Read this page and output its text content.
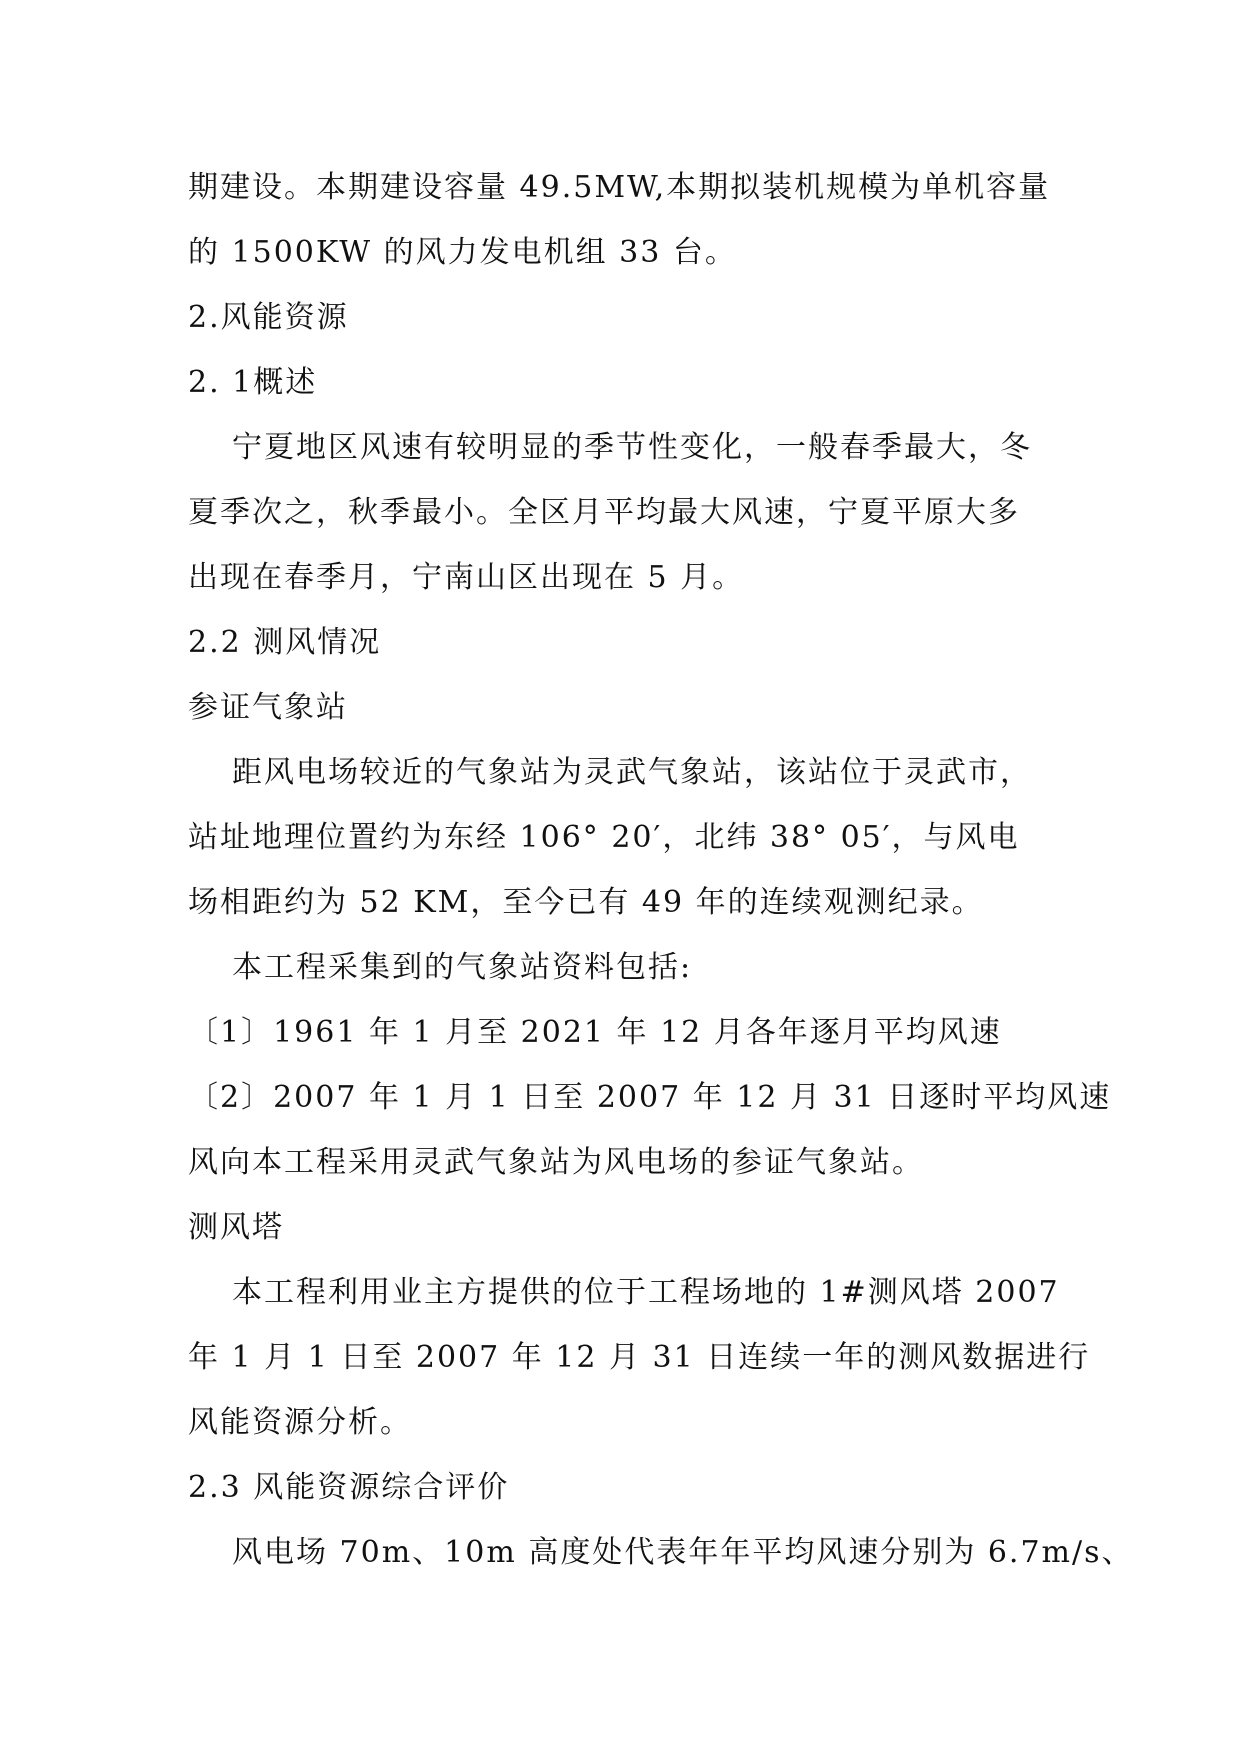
期建设。本期建设容量 49.5MW,本期拟装机规模为单机容量
的 1500KW 的风力发电机组 33 台。
2.风能资源
2. 1概述
宁夏地区风速有较明显的季节性变化，一般春季最大，冬
夏季次之，秋季最小。全区月平均最大风速，宁夏平原大多
出现在春季月，宁南山区出现在 5 月。
2.2 测风情况
参证气象站
距风电场较近的气象站为灵武气象站，该站位于灵武市，
站址地理位置约为东经 106° 20′，北纬 38° 05′，与风电
场相距约为 52 KM，至今已有 49 年的连续观测纪录。
本工程采集到的气象站资料包括:
〔1〕1961 年 1 月至 2021 年 12 月各年逐月平均风速
〔2〕2007 年 1 月 1 日至 2007 年 12 月 31 日逐时平均风速
风向本工程采用灵武气象站为风电场的参证气象站。
测风塔
本工程利用业主方提供的位于工程场地的 1#测风塔 2007
年 1 月 1 日至 2007 年 12 月 31 日连续一年的测风数据进行
风能资源分析。
2.3 风能资源综合评价
风电场 70m、10m 高度处代表年年平均风速分别为 6.7m/s、
